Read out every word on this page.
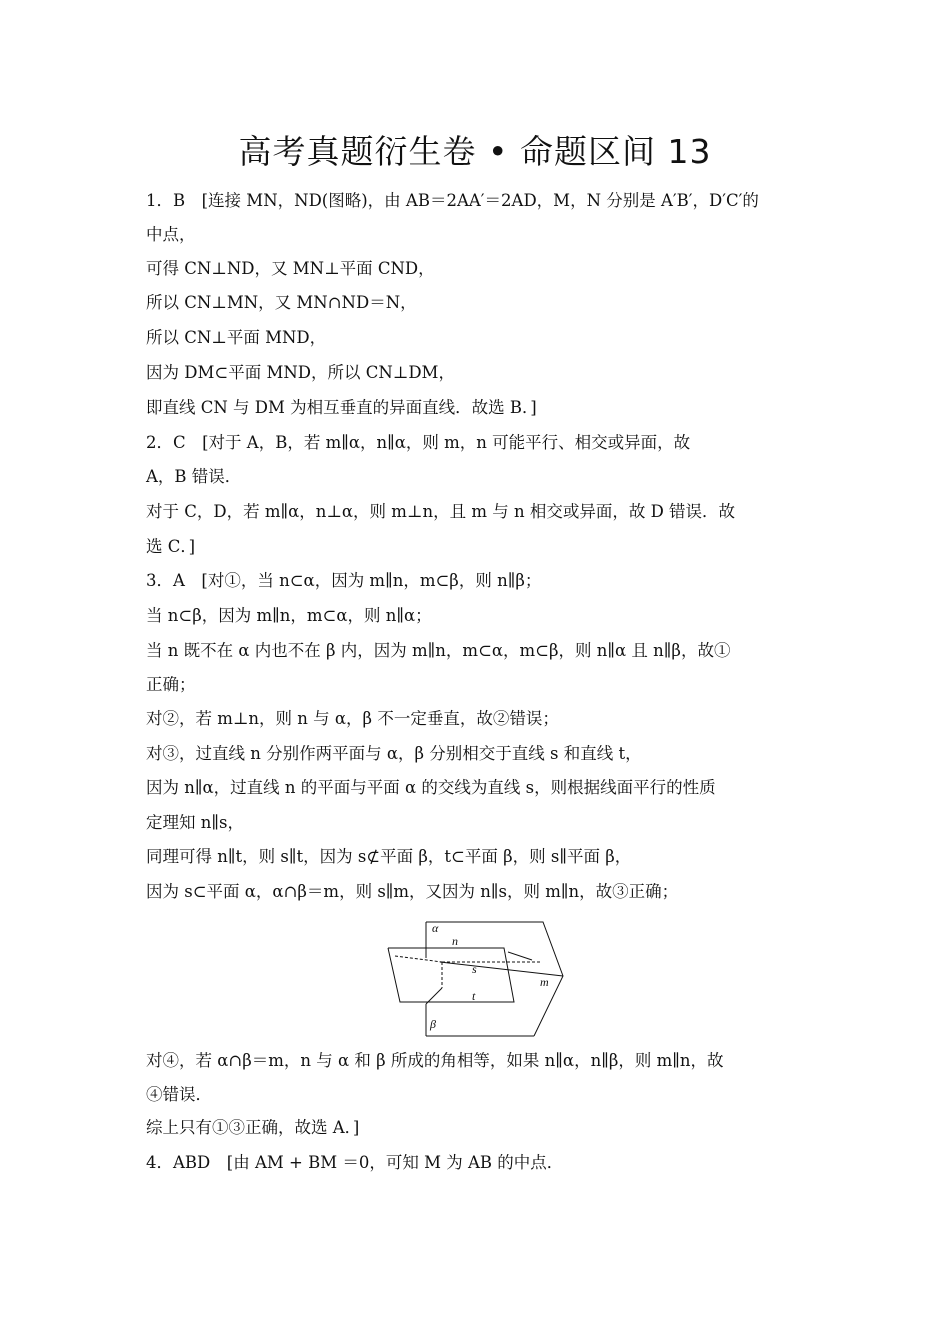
高考真题衍生卷 • 命题区间 13
1．B　[连接 MN，ND(图略)，由 AB＝2AA′＝2AD，M，N 分别是 A′B′，D′C′的
中点，
可得 CN⊥ND，又 MN⊥平面 CND，
所以 CN⊥MN，又 MN∩ND＝N，
所以 CN⊥平面 MND，
因为 DM⊂平面 MND，所以 CN⊥DM，
即直线 CN 与 DM 为相互垂直的异面直线．故选 B．]
2．C　[对于 A，B，若 m∥α，n∥α，则 m，n 可能平行、相交或异面，故
A，B 错误．
对于 C，D，若 m∥α，n⊥α，则 m⊥n，且 m 与 n 相交或异面，故 D 错误．故
选 C．]
3．A　[对①，当 n⊂α，因为 m∥n，m⊂β，则 n∥β；
当 n⊂β，因为 m∥n，m⊂α，则 n∥α；
当 n 既不在 α 内也不在 β 内，因为 m∥n，m⊂α，m⊂β，则 n∥α 且 n∥β，故①
正确；
对②，若 m⊥n，则 n 与 α，β 不一定垂直，故②错误；
对③，过直线 n 分别作两平面与 α，β 分别相交于直线 s 和直线 t，
因为 n∥α，过直线 n 的平面与平面 α 的交线为直线 s，则根据线面平行的性质
定理知 n∥s，
同理可得 n∥t，则 s∥t，因为 s⊄平面 β，t⊂平面 β，则 s∥平面 β，
因为 s⊂平面 α，α∩β＝m，则 s∥m，又因为 n∥s，则 m∥n，故③正确；
α
n
s
m
t
β
对④，若 α∩β＝m，n 与 α 和 β 所成的角相等，如果 n∥α，n∥β，则 m∥n，故
④错误．
综上只有①③正确，故选 A．]
4．ABD　[由 AM + BM ＝0，可知 M 为 AB 的中点．
